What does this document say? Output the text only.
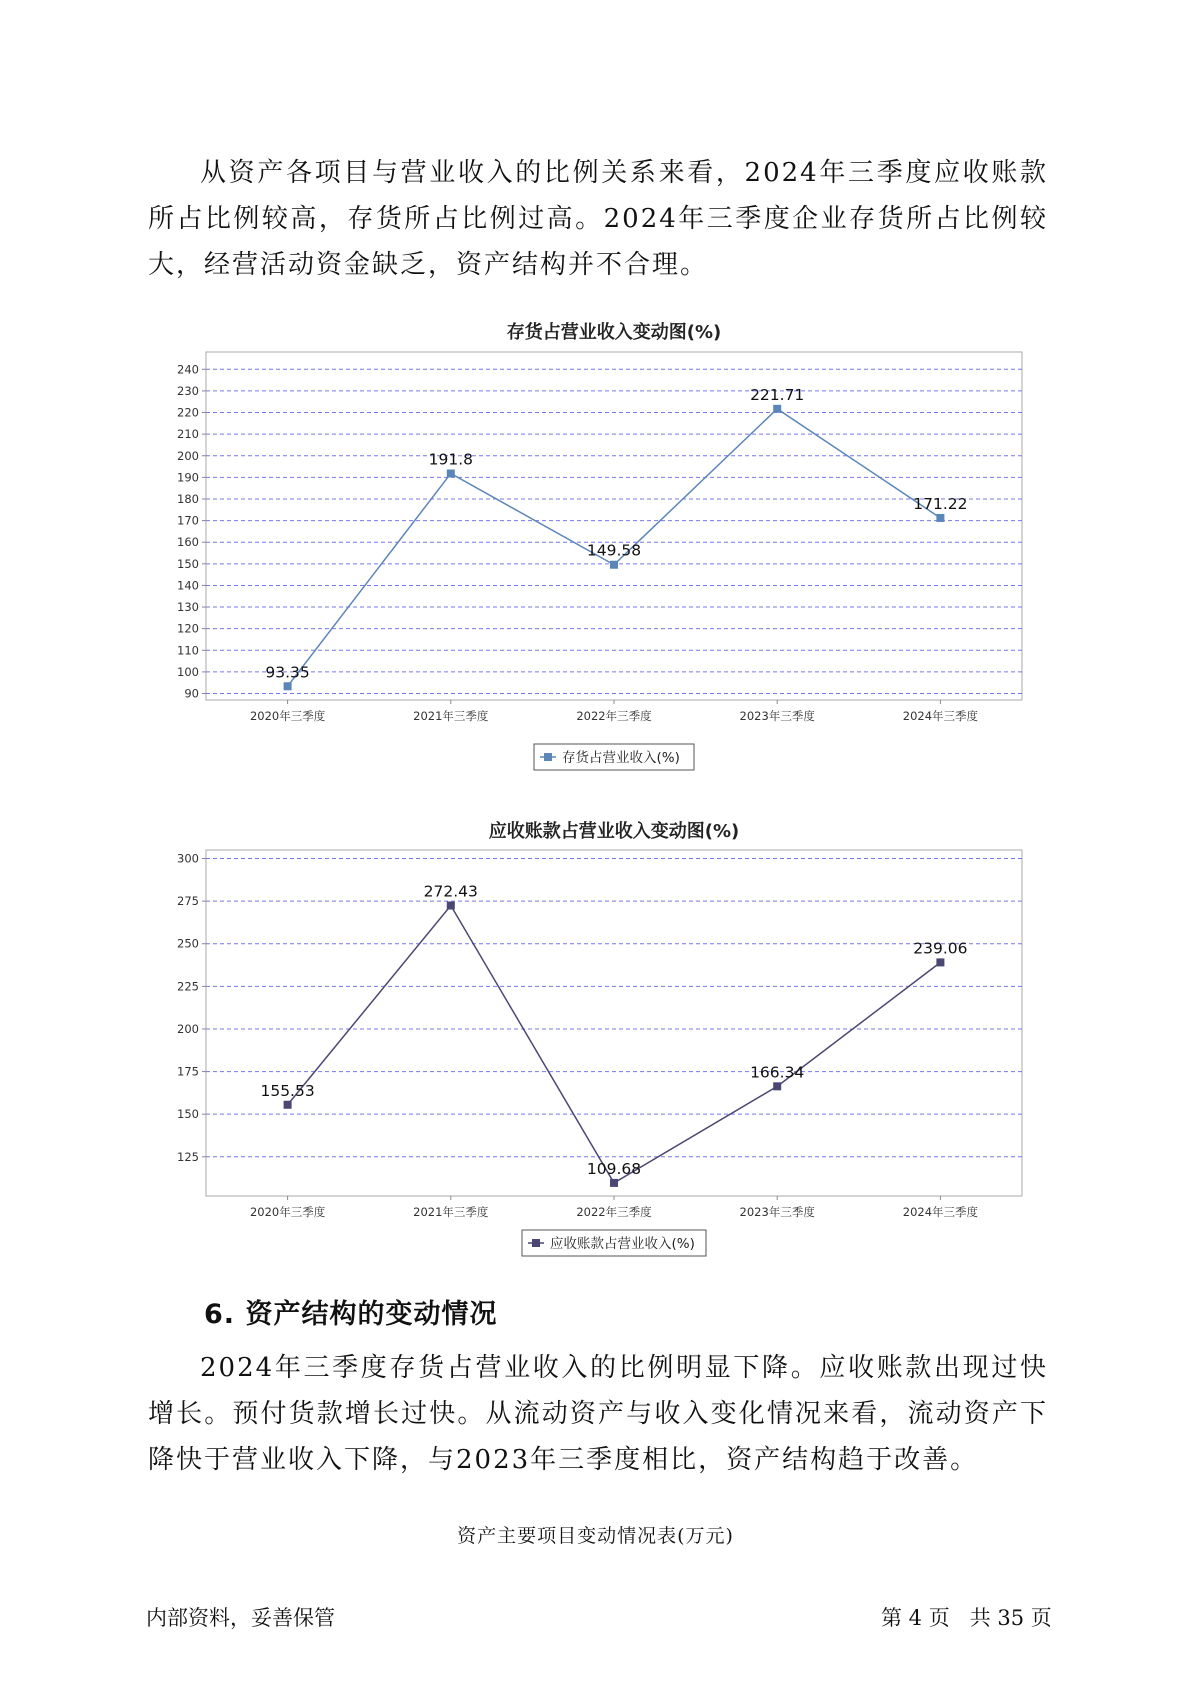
从资产各项目与营业收入的比例关系来看，2024年三季度应收账款所占比例较高，存货所占比例过高。2024年三季度企业存货所占比例较大，经营活动资金缺乏，资产结构并不合理。

存货占营业收入变动图(%)
90
100
110
120
130
140
150
160
170
180
190
200
210
220
230
240
2020年三季度	2021年三季度	2022年三季度	2023年三季度	2024年三季度
93.35
191.8
149.58
221.71
171.22
存货占营业收入(%)
应收账款占营业收入变动图(%)
125
150
175
200
225
250
275
300
2020年三季度	2021年三季度	2022年三季度	2023年三季度	2024年三季度
155.53
272.43
109.68
166.34
239.06
应收账款占营业收入(%)
6. 资产结构的变动情况

2024年三季度存货占营业收入的比例明显下降。应收账款出现过快增长。预付货款增长过快。从流动资产与收入变化情况来看，流动资产下降快于营业收入下降，与2023年三季度相比，资产结构趋于改善。

资产主要项目变动情况表(万元)
内部资料，妥善保管	第 4 页   共 35 页
